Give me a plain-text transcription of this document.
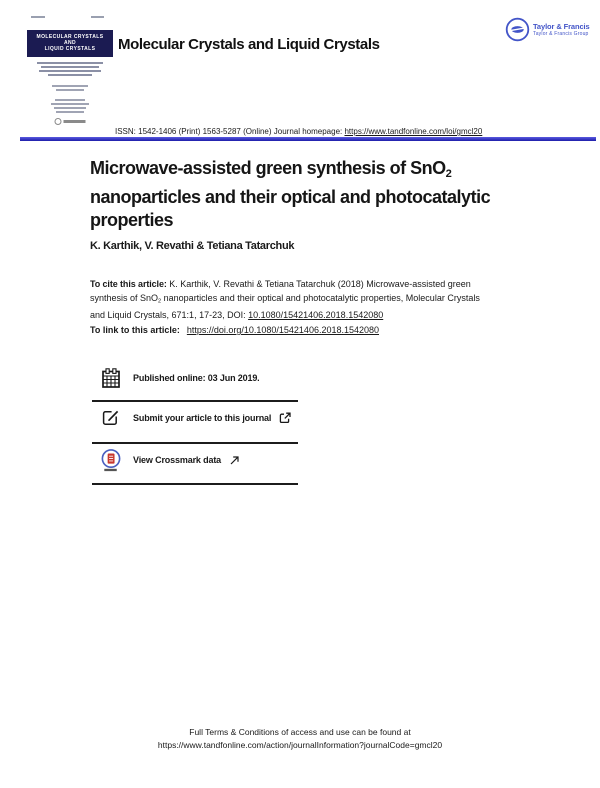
MOLECULAR CRYSTALS
AND
LIQUID CRYSTALS	Molecular Crystals and Liquid Crystals
Taylor & Francis
Taylor & Francis Group
ISSN: 1542-1406 (Print) 1563-5287 (Online) Journal homepage: https://www.tandfonline.com/loi/gmcl20
Microwave-assisted green synthesis of SnO$_2$
nanoparticles and their optical and photocatalytic
properties
K. Karthik, V. Revathi & Tetiana Tatarchuk
To cite this article: K. Karthik, V. Revathi & Tetiana Tatarchuk (2018) Microwave-assisted green
synthesis of SnO$_2$ nanoparticles and their optical and photocatalytic properties, Molecular Crystals
and Liquid Crystals, 671:1, 17-23, DOI: 10.1080/15421406.2018.1542080
To link to this article: https://doi.org/10.1080/15421406.2018.1542080
Published online: 03 Jun 2019.
Submit your article to this journal
View Crossmark data
Full Terms & Conditions of access and use can be found at
https://www.tandfonline.com/action/journalInformation?journalCode=gmcl20
